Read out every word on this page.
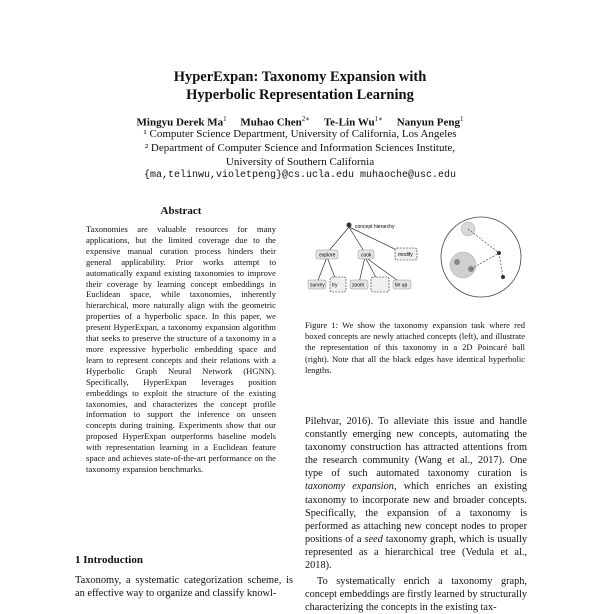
HyperExpan: Taxonomy Expansion with
Hyperbolic Representation Learning
Mingyu Derek Ma$^1$ Muhao Chen$^{2∗}$ Te-Lin $Wu^{1∗}$ Nanyun Peng$^1$
¹ Computer Science Department, University of California, Los Angeles
² Department of Computer Science and Information Sciences Institute,
University of Southern California
{ma,telinwu,violetpeng}@cs.ucla.edu muhaoche@usc.edu
Abstract
Taxonomies are valuable resources for many applications, but the limited coverage due to the expensive manual curation process hinders their general applicability. Prior works attempt to automatically expand existing taxonomies to improve their coverage by learning concept embeddings in Euclidean space, while taxonomies, inherently hierarchical, more naturally align with the geometric properties of a hyperbolic space. In this paper, we present HyperExpan, a taxonomy expansion algorithm that seeks to preserve the structure of a taxonomy in a more expressive hyperbolic embedding space and learn to represent concepts and their relations with a Hyperbolic Graph Neural Network (HGNN). Specifically, HyperExpan leverages position embeddings to exploit the structure of the existing taxonomies, and characterizes the concept profile information to support the inference on unseen concepts during training. Experiments show that our proposed HyperExpan outperforms baseline models with representation learning in a Euclidean feature space and achieves state-of-the-art performance on the taxonomy expansion benchmarks.
1 Introduction
Taxonomy, a systematic categorization scheme, is an effective way to organize and classify knowl-
concept hierarchy
explore	cook	modify
survey try	zoom	tie up
Figure 1: We show the taxonomy expansion task where red boxed concepts are newly attached concepts (left), and illustrate the representation of this taxonomy in a 2D Poincaré ball (right). Note that all the black edges have identical hyperbolic lengths.

Pilehvar, 2016). To alleviate this issue and handle constantly emerging new concepts, automating the taxonomy construction has attracted attentions from the research community (Wang et al., 2017). One type of such automated taxonomy curation is taxonomy expansion, which enriches an existing taxonomy to incorporate new and broader concepts. Specifically, the expansion of a taxonomy is performed as attaching new concept nodes to proper positions of a seed taxonomy graph, which is usually represented as a hierarchical tree (Vedula et al., 2018).

To systematically enrich a taxonomy graph, concept embeddings are firstly learned by structurally characterizing the concepts in the existing tax-
